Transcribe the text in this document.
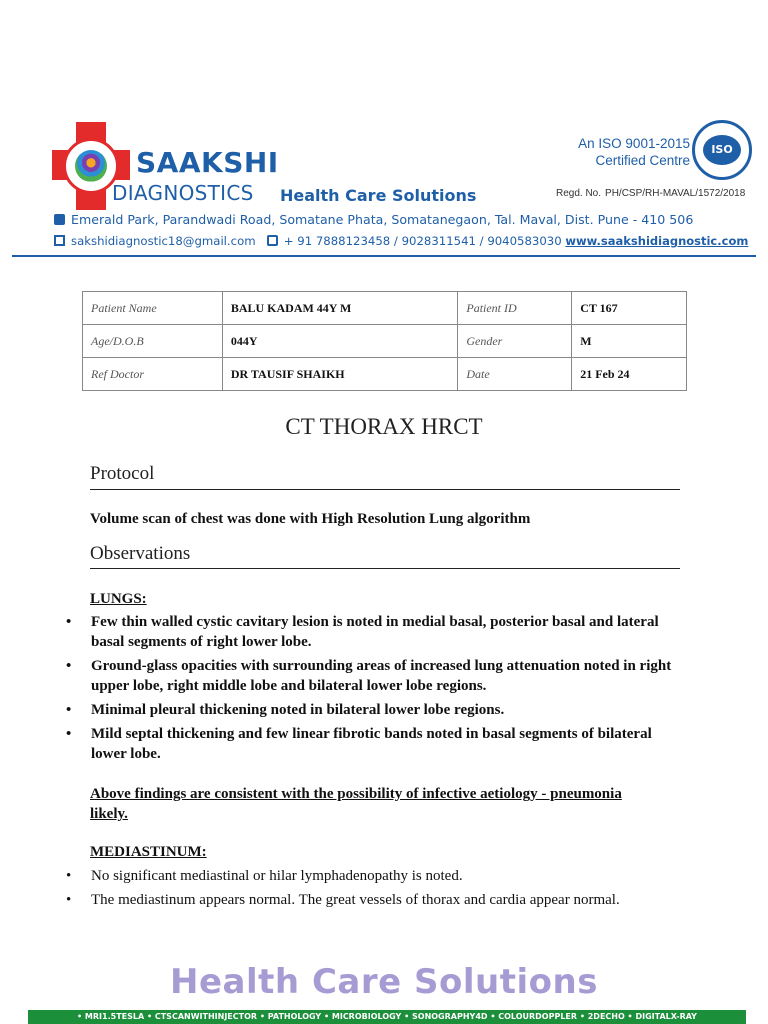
SAAKSHI
DIAGNOSTICS Health Care Solutions
An ISO 9001-2015
Certified Centre
ISO
Regd. No. PH/CSP/RH-MAVAL/1572/2018
Emerald Park, Parandwadi Road, Somatane Phata, Somatanegaon, Tal. Maval, Dist. Pune - 410 506
sakshidiagnostic18@gmail.com + 91 7888123458 / 9028311541 / 9040583030 www.saakshidiagnostic.com
Patient Name	BALU KADAM 44Y M	Patient ID	CT 167
Age/D.O.B	044Y	Gender	M
Ref Doctor	DR TAUSIF SHAIKH	Date	21 Feb 24
CT THORAX HRCT
Protocol
Volume scan of chest was done with High Resolution Lung algorithm
Observations
LUNGS:
• Few thin walled cystic cavitary lesion is noted in medial basal, posterior basal and lateral basal segments of right lower lobe.
• Ground-glass opacities with surrounding areas of increased lung attenuation noted in right upper lobe, right middle lobe and bilateral lower lobe regions.
• Minimal pleural thickening noted in bilateral lower lobe regions.
• Mild septal thickening and few linear fibrotic bands noted in basal segments of bilateral lower lobe.
Above findings are consistent with the possibility of infective aetiology - pneumonia likely.
MEDIASTINUM:
• No significant mediastinal or hilar lymphadenopathy is noted.
• The mediastinum appears normal. The great vessels of thorax and cardia appear normal.
Health Care Solutions
• MRI1.5TESLA • CTSCANWITHINJECTOR • PATHOLOGY • MICROBIOLOGY • SONOGRAPHY4D • COLOURDOPPLER • 2DECHO • DIGITALX-RAY
